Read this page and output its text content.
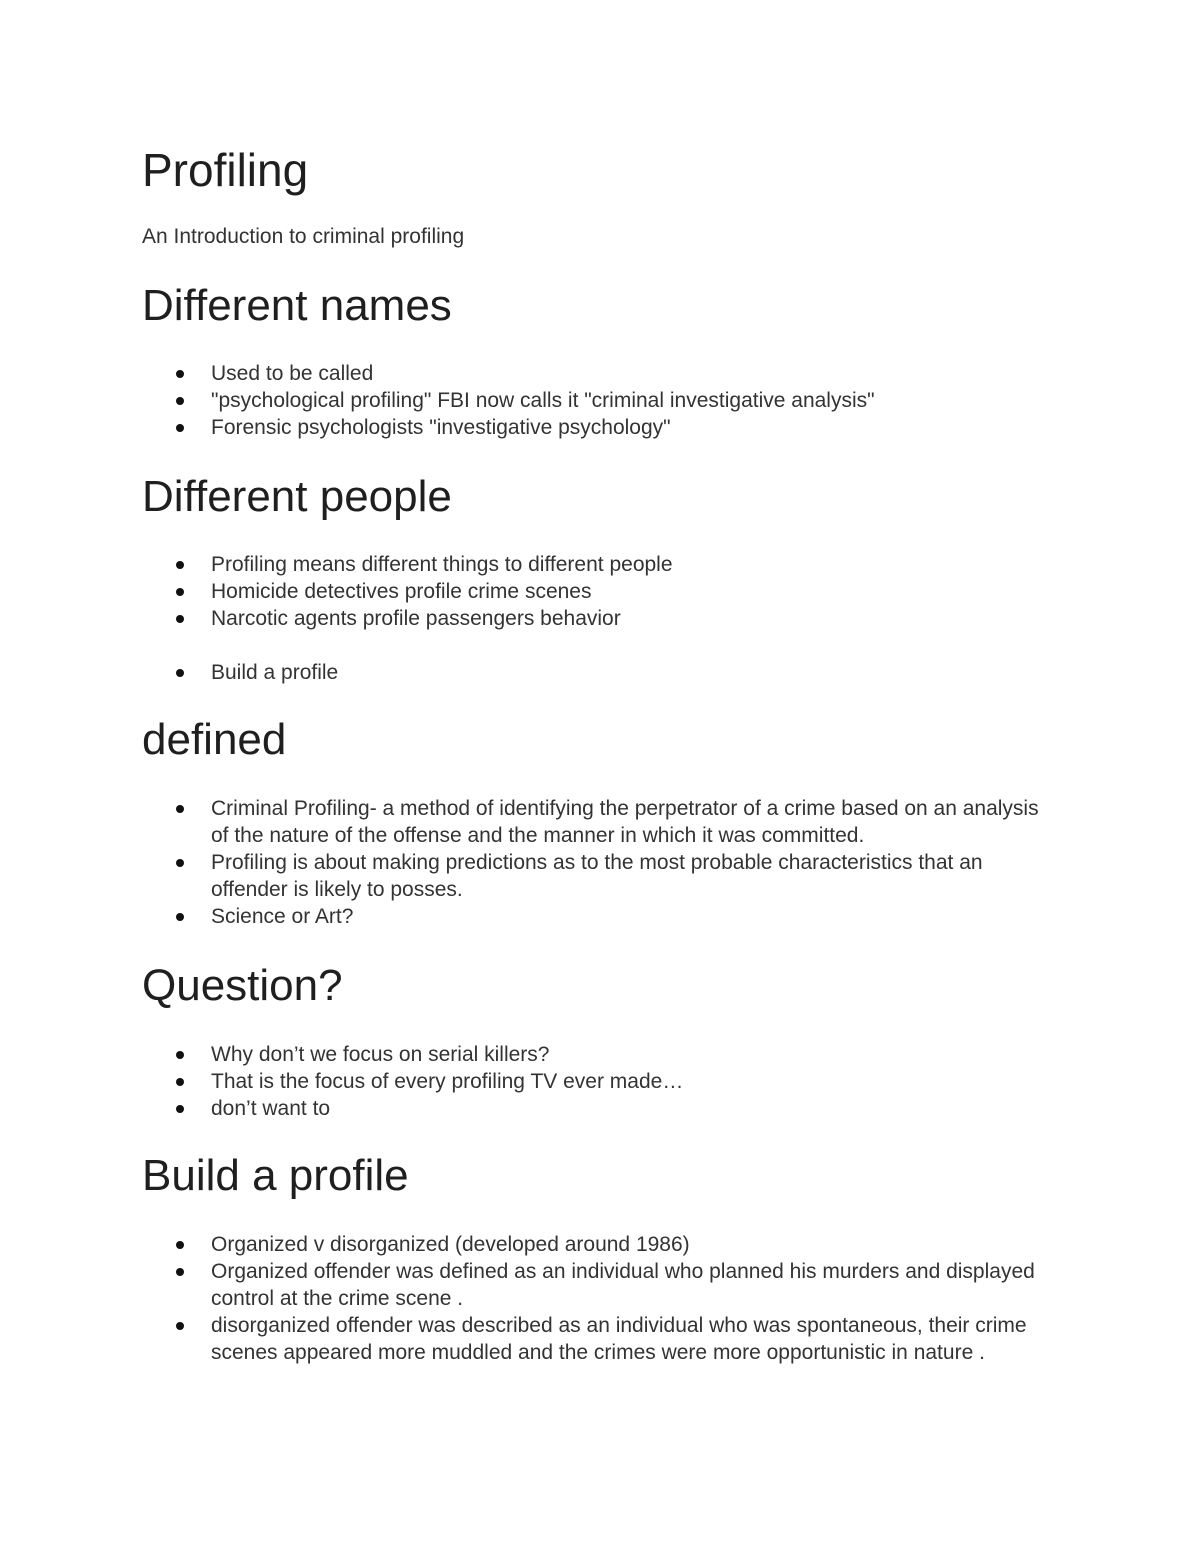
Profiling

An Introduction to criminal profiling

Different names
Used to be called
"psychological profiling" FBI now calls it "criminal investigative analysis"
Forensic psychologists "investigative psychology"
Different people
Profiling means different things to different people
Homicide detectives profile crime scenes
Narcotic agents profile passengers behavior
Build a profile
defined
Criminal Profiling- a method of identifying the perpetrator of a crime based on an analysis of the nature of the offense and the manner in which it was committed.
Profiling is about making predictions as to the most probable characteristics that an offender is likely to posses.
Science or Art?
Question?
Why don’t we focus on serial killers?
That is the focus of every profiling TV ever made…
don’t want to
Build a profile
Organized v disorganized (developed around 1986)
Organized offender was defined as an individual who planned his murders and displayed control at the crime scene .
disorganized offender was described as an individual who was spontaneous, their crime scenes appeared more muddled and the crimes were more opportunistic in nature .
